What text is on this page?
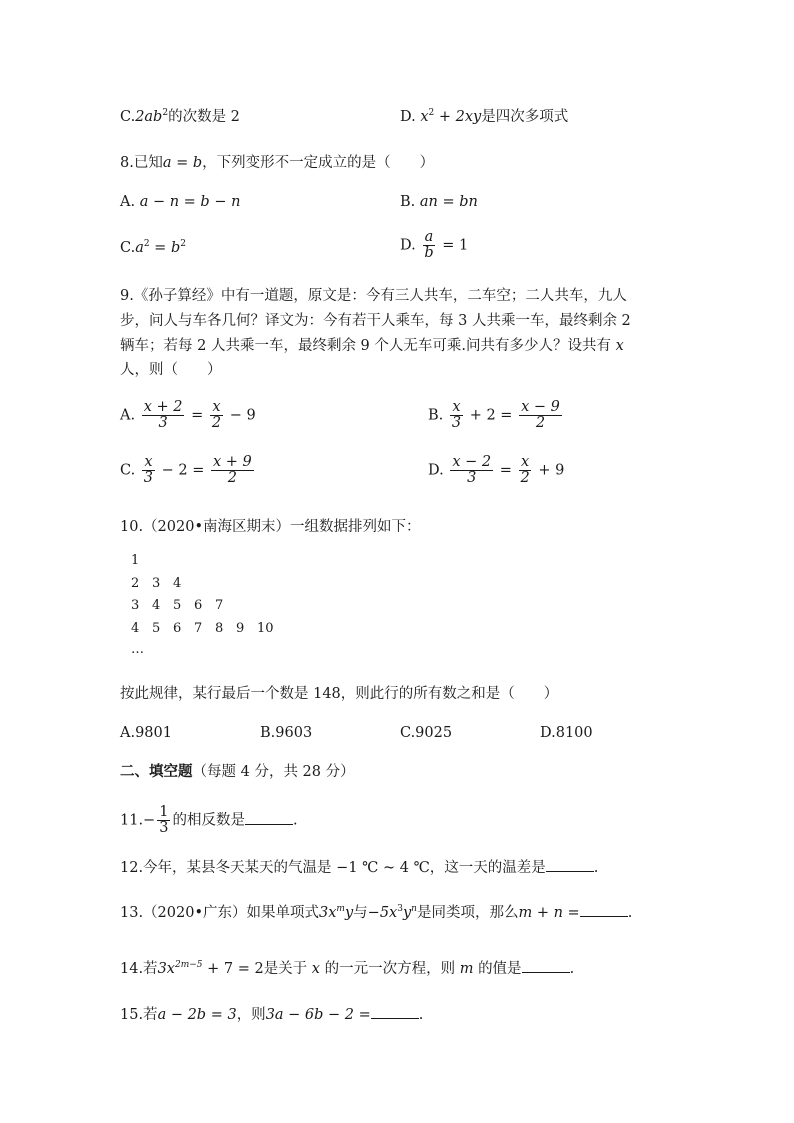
$C.2ab^2$的次数是 2	D. $x^2 + 2xy$是四次多项式
8.已知a = b，下列变形不一定成立的是（　　）
A. a − n = b − n	B. an = bn
$C.a^2 = b^2$	D. $\frac{a}{b} = 1$
9.《孙子算经》中有一道题，原文是：今有三人共车，二车空；二人共车，九人
步，问人与车各几何？译文为：今有若干人乘车，每 3 人共乘一车，最终剩余 2
辆车；若每 2 人共乘一车，最终剩余 9 个人无车可乘.问共有多少人？设共有 x
人，则（　　）
A. $\frac{x + 2}{3} = \frac{x}{2} - 9$	B. $\frac{x}{3} + 2 = \frac{x - 9}{2}$
C. $\frac{x}{3} - 2 = \frac{x + 9}{2}$	D. $\frac{x - 2}{3} = \frac{x}{2} + 9$
10.（2020•南海区期末）一组数据排列如下：
1
2 3 4
3 4 5 6 7
4 5 6 7 8 9 10
…
按此规律，某行最后一个数是 148，则此行的所有数之和是（　　）
A.9801	B.9603	C.9025	D.8100
二、填空题（每题 4 分，共 28 分）
$11.- \frac{1}{3}$ 的相反数是	.
12.今年，某县冬天某天的气温是 −1 ℃ ~ 4 ℃，这一天的温差是	.
13.（2020•广东）如果单项式$3x^my$与$-5x^3y^n$是同类项，那么m + n =	.
14.若$3x^{2m-5} + 7 = 2$是关于 x 的一元一次方程，则 m 的值是	.
15.若a − 2b = 3，则3a − 6b − 2 =	.
